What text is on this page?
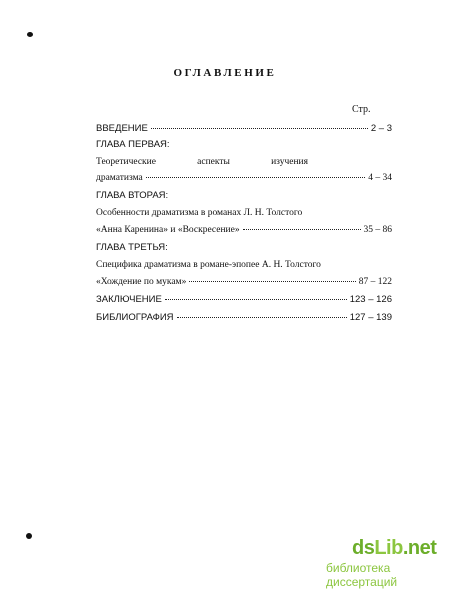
ОГЛАВЛЕНИЕ
Стр.
ВВЕДЕНИЕ	2 – 3
ГЛАВА ПЕРВАЯ:
Теоретические	аспекты	изучения
драматизма	4 – 34
ГЛАВА ВТОРАЯ:
Особенности драматизма в романах Л. Н. Толстого
«Анна Каренина» и «Воскресение»	35 – 86
ГЛАВА ТРЕТЬЯ:
Специфика драматизма в романе-эпопее А. Н. Толстого
«Хождение по мукам»	87 – 122
ЗАКЛЮЧЕНИЕ	123 – 126
БИБЛИОГРАФИЯ	127 – 139
dsLib.net
библиотека диссертаций
